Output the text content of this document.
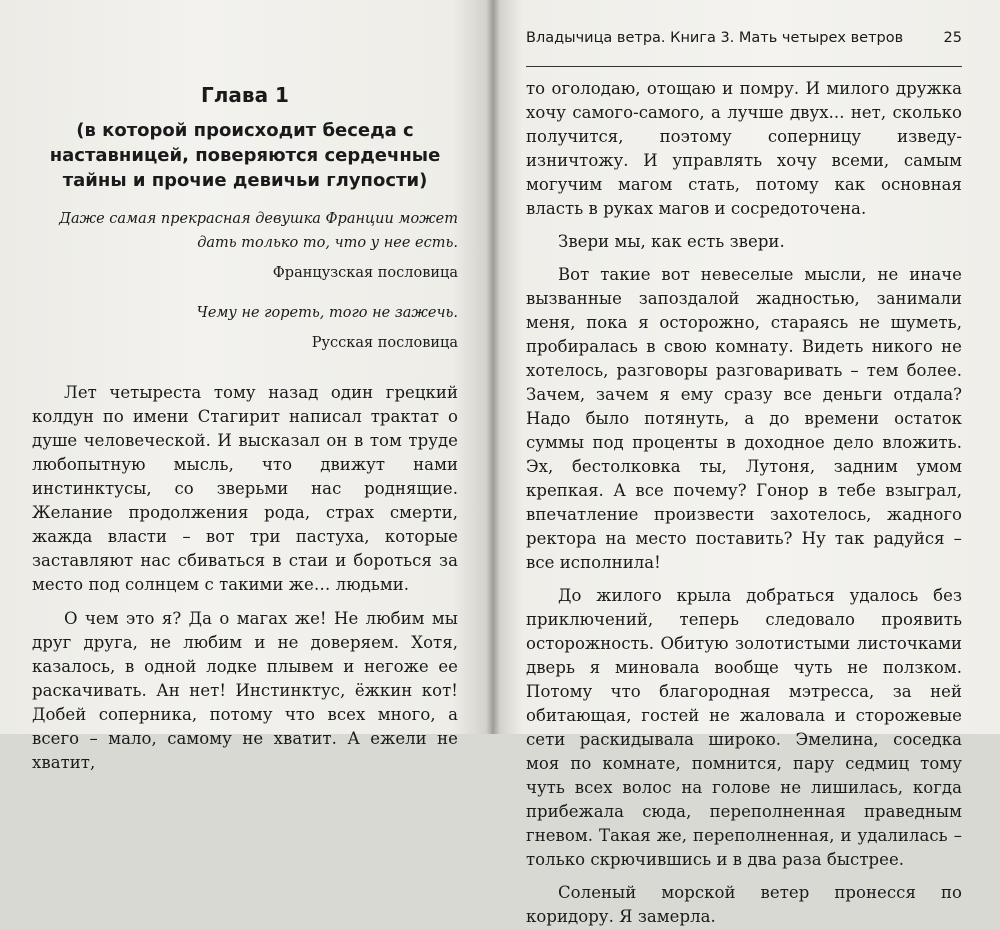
Глава 1
(в которой происходит беседа с наставницей, поверяются сердечные тайны и прочие девичьи глупости)

Даже самая прекрасная девушка Франции может дать только то, что у нее есть.

Французская пословица

Чему не гореть, того не зажечь.

Русская пословица

Лет четыреста тому назад один грецкий колдун по имени Стагирит написал трактат о душе человеческой. И высказал он в том труде любопытную мысль, что движут нами инстинктусы, со зверьми нас роднящие. Желание продолжения рода, страх смерти, жажда власти – вот три пастуха, которые заставляют нас сбиваться в стаи и бороться за место под солнцем с такими же… людьми.

О чем это я? Да о магах же! Не любим мы друг друга, не любим и не доверяем. Хотя, казалось, в одной лодке плывем и негоже ее раскачивать. Ан нет! Инстинктус, ёжкин кот! Добей соперника, потому что всех много, а всего – мало, самому не хватит. А ежели не хватит,

Владычица ветра. Книга 3. Мать четырех ветров	25

то оголодаю, отощаю и помру. И милого дружка хочу самого-самого, а лучше двух... нет, сколько получится, поэтому соперницу изведу-изничтожу. И управлять хочу всеми, самым могучим магом стать, потому как основная власть в руках магов и сосредоточена.

Звери мы, как есть звери.

Вот такие вот невеселые мысли, не иначе вызванные запоздалой жадностью, занимали меня, пока я осторожно, стараясь не шуметь, пробиралась в свою комнату. Видеть никого не хотелось, разговоры разговаривать – тем более. Зачем, зачем я ему сразу все деньги отдала? Надо было потянуть, а до времени остаток суммы под проценты в доходное дело вложить. Эх, бестолковка ты, Лутоня, задним умом крепкая. А все почему? Гонор в тебе взыграл, впечатление произвести захотелось, жадного ректора на место поставить? Ну так радуйся – все исполнила!

До жилого крыла добраться удалось без приключений, теперь следовало проявить осторожность. Обитую золотистыми листочками дверь я миновала вообще чуть не ползком. Потому что благородная мэтресса, за ней обитающая, гостей не жаловала и сторожевые сети раскидывала широко. Эмелина, соседка моя по комнате, помнится, пару седмиц тому чуть всех волос на голове не лишилась, когда прибежала сюда, переполненная праведным гневом. Такая же, переполненная, и удалилась – только скрючившись и в два раза быстрее.

Соленый морской ветер пронесся по коридору. Я замерла.
